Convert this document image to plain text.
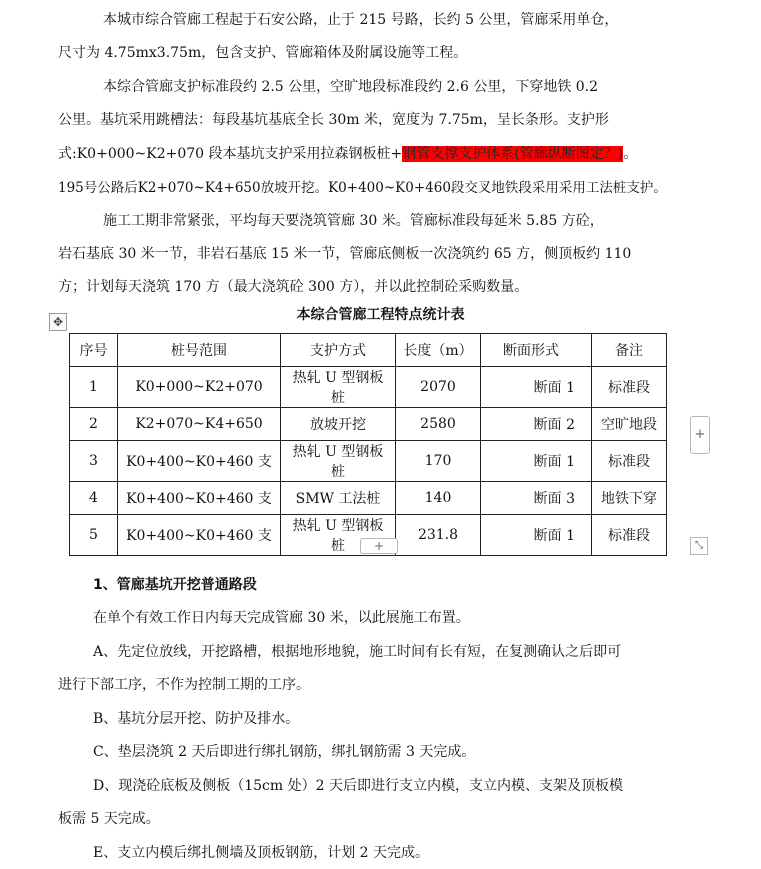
本城市综合管廊工程起于石安公路，止于 215 号路，长约 5 公里，管廊采用单仓，
尺寸为 4.75mx3.75m，包含支护、管廊箱体及附属设施等工程。
本综合管廊支护标准段约 2.5 公里，空旷地段标准段约 2.6 公里，下穿地铁 0.2
公里。基坑采用跳槽法：每段基坑基底全长 30m 米，宽度为 7.75m，呈长条形。支护形
式:K0+000~K2+070 段本基坑支护采用拉森钢板桩+钢管支撑支护体系(管廊纵断图定？)。
195号公路后K2+070~K4+650放坡开挖。K0+400~K0+460段交叉地铁段采用采用工法桩支护。
施工工期非常紧张，平均每天要浇筑管廊 30 米。管廊标准段每延米 5.85 方砼，
岩石基底 30 米一节，非岩石基底 15 米一节，管廊底侧板一次浇筑约 65 方，侧顶板约 110
方；计划每天浇筑 170 方（最大浇筑砼 300 方），并以此控制砼采购数量。
本综合管廊工程特点统计表
✥
序号	桩号范围	支护方式	长度（m）	断面形式	备注
1	K0+000~K2+070	热轧 U 型钢板桩	2070	断面 1	标准段
2	K2+070~K4+650	放坡开挖	2580	断面 2	空旷地段
3	K0+400~K0+460 支	热轧 U 型钢板桩	170	断面 1	标准段
4	K0+400~K0+460 支	SMW 工法桩	140	断面 3	地铁下穿
5	K0+400~K0+460 支	热轧 U 型钢板桩	231.8	断面 1	标准段
+
+	⤡
1、管廊基坑开挖普通路段
在单个有效工作日内每天完成管廊 30 米，以此展施工布置。
A、先定位放线，开挖路槽，根据地形地貌，施工时间有长有短，在复测确认之后即可
进行下部工序，不作为控制工期的工序。
B、基坑分层开挖、防护及排水。
C、垫层浇筑 2 天后即进行绑扎钢筋，绑扎钢筋需 3 天完成。
D、现浇砼底板及侧板（15cm 处）2 天后即进行支立内模，支立内模、支架及顶板模
板需 5 天完成。
E、支立内模后绑扎侧墙及顶板钢筋，计划 2 天完成。
